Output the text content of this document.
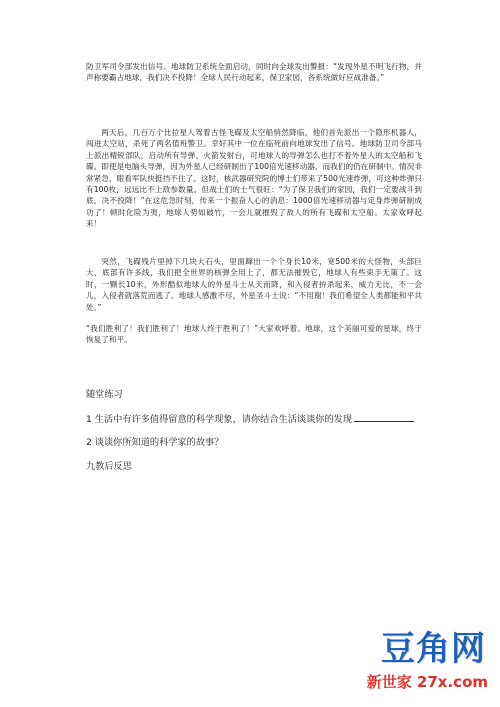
防卫军司令部发出信号。地球防卫系统全面启动，同时向全球发出警报：“发现外星不明飞行物，并声称要霸占地球，我们决不投降！全球人民行动起来，保卫家园，各系统做好应战准备。”

两天后，几百万个比拉星人驾着古怪飞碟及太空船悄然降临，他们首先派出一个隐形机器人，闯进太空站，杀死了两名值班警卫。幸好其中一位在临死前向地球发出了信号。地球防卫司令部马上派出精锐部队，启动所有导弹、火箭发射台，可地球人的导弹怎么也打不着外星人的太空船和飞碟。即使是电脑头导弹，因为外星人已经研制出了100倍光速移动器，而我们的仍在研制中。情况非常紧急，眼看军队快挺挡不住了。这时，核武器研究院的博士们带来了500光速炸弹，可这种炸弹只有100枚，远远比不上敌参数量。但战士们的士气很旺：“为了保卫我们的家园，我们一定要战斗到底，决不投降！”在这危急时刻，传来一个振奋人心的消息：1000倍光速移动器与定身炸弹研制成功了！顿时化险为夷，地球人势如破竹，一会儿就摧毁了敌人的所有飞碟和太空船。太家欢呼起来！

突然，飞碟残片里掉下几块大石头，里面蹿出一个个身长10米，宽500米的大怪物，头部巨大，底部有许多线，我们把全世界的核弹全用上了，都无法摧毁它，地球人有些束手无策了。这时，一颗长10米，外形酷似地球人的外星斗士从天而降，和入侵者拚杀起来，威力无比，不一会儿，入侵者就落荒而逃了。地球人感激不尽，外星圣斗士说：“不用谢！我们希望全人类都能和平共处。”

“我们胜利了！我们胜利了！地球人终于胜利了！”大家欢呼着。地球，这个美丽可爱的星球，终于恢复了和平。

随堂练习
1 生活中有许多值得留意的科学现象，请你结合生活谈谈你的发现
2 谈谈你所知道的科学家的故事？
九教后反思
豆角网
新世家 27x.com
